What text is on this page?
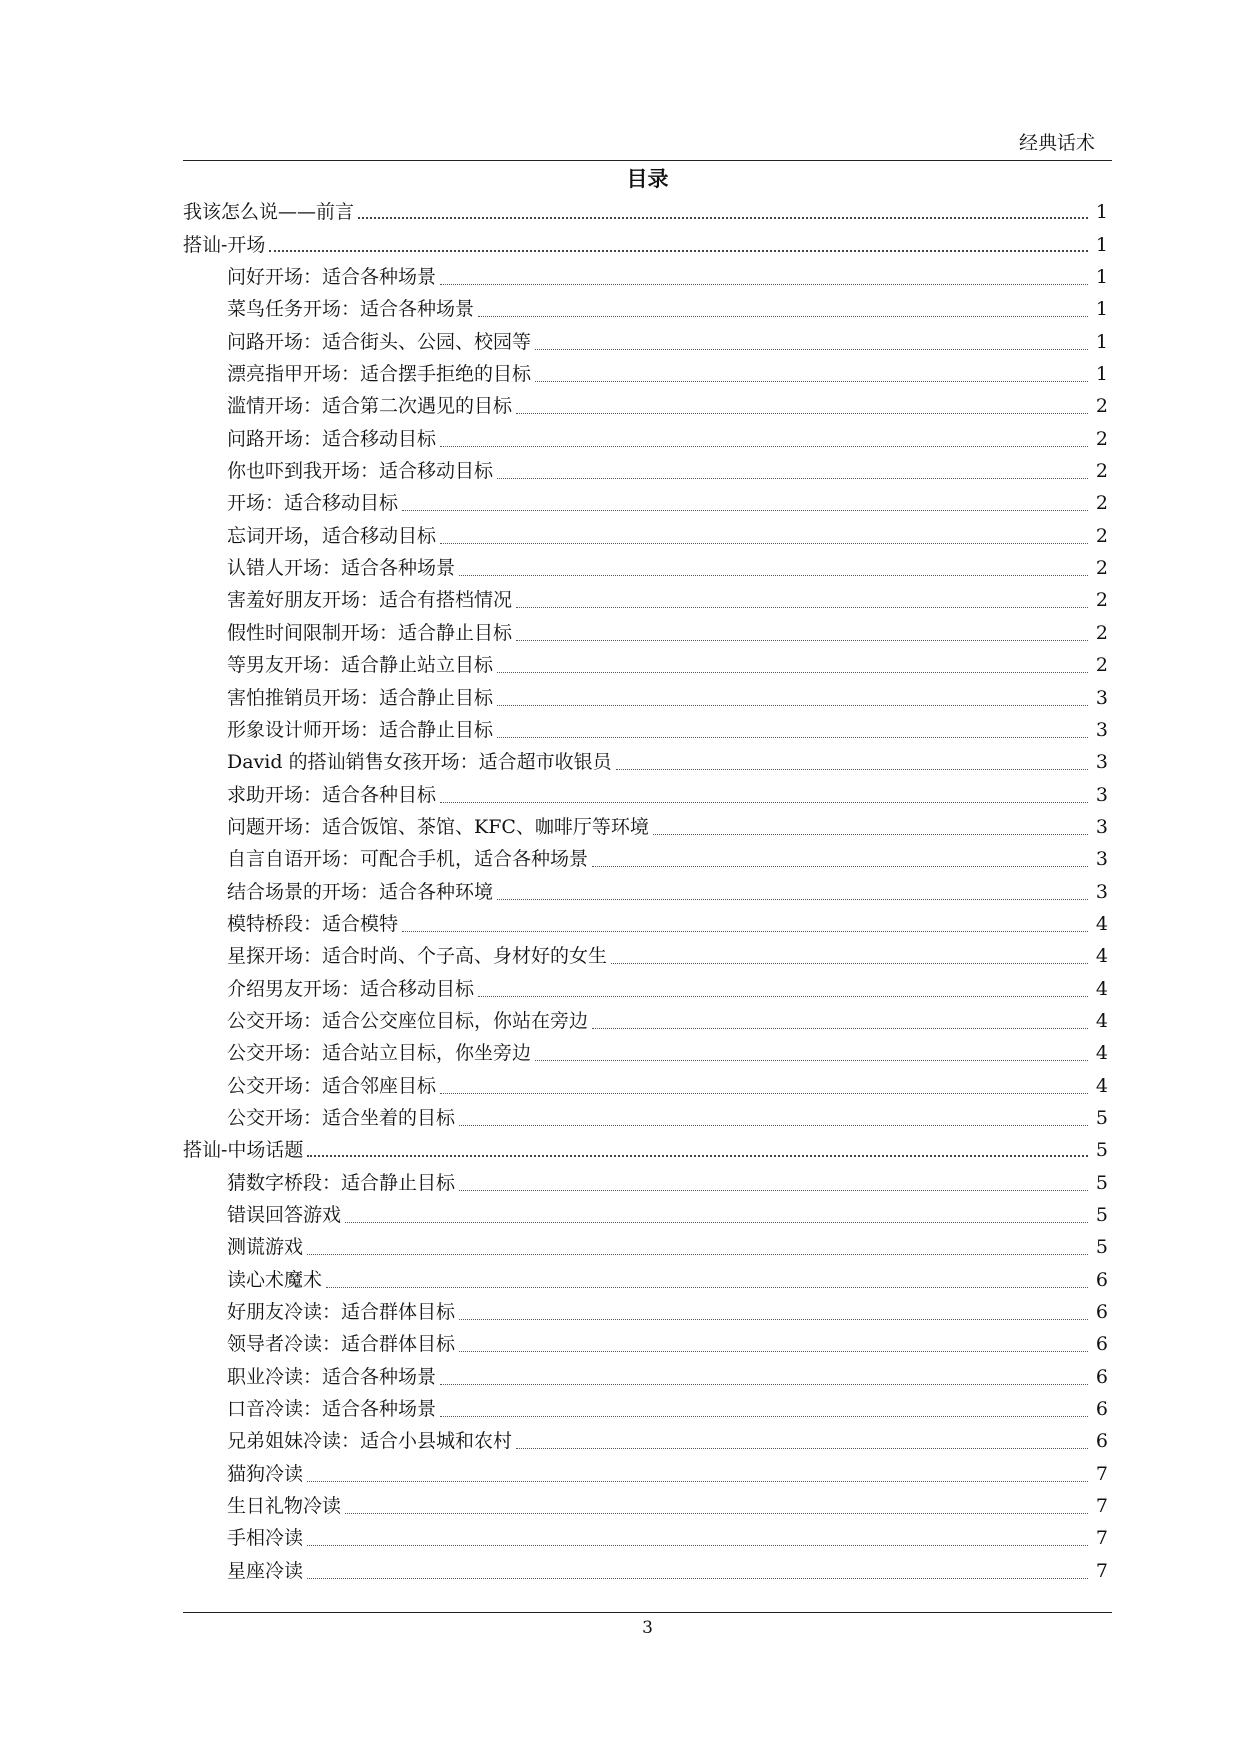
经典话术
目录
我该怎么说——前言	1
搭讪-开场	1
问好开场：适合各种场景	1
菜鸟任务开场：适合各种场景	1
问路开场：适合街头、公园、校园等	1
漂亮指甲开场：适合摆手拒绝的目标	1
滥情开场：适合第二次遇见的目标	2
问路开场：适合移动目标	2
你也吓到我开场：适合移动目标	2
开场：适合移动目标	2
忘词开场，适合移动目标	2
认错人开场：适合各种场景	2
害羞好朋友开场：适合有搭档情况	2
假性时间限制开场：适合静止目标	2
等男友开场：适合静止站立目标	2
害怕推销员开场：适合静止目标	3
形象设计师开场：适合静止目标	3
David 的搭讪销售女孩开场：适合超市收银员	3
求助开场：适合各种目标	3
问题开场：适合饭馆、茶馆、KFC、咖啡厅等环境	3
自言自语开场：可配合手机，适合各种场景	3
结合场景的开场：适合各种环境	3
模特桥段：适合模特	4
星探开场：适合时尚、个子高、身材好的女生	4
介绍男友开场：适合移动目标	4
公交开场：适合公交座位目标，你站在旁边	4
公交开场：适合站立目标，你坐旁边	4
公交开场：适合邻座目标	4
公交开场：适合坐着的目标	5
搭讪-中场话题	5
猜数字桥段：适合静止目标	5
错误回答游戏	5
测谎游戏	5
读心术魔术	6
好朋友冷读：适合群体目标	6
领导者冷读：适合群体目标	6
职业冷读：适合各种场景	6
口音冷读：适合各种场景	6
兄弟姐妹冷读：适合小县城和农村	6
猫狗冷读	7
生日礼物冷读	7
手相冷读	7
星座冷读	7
3
